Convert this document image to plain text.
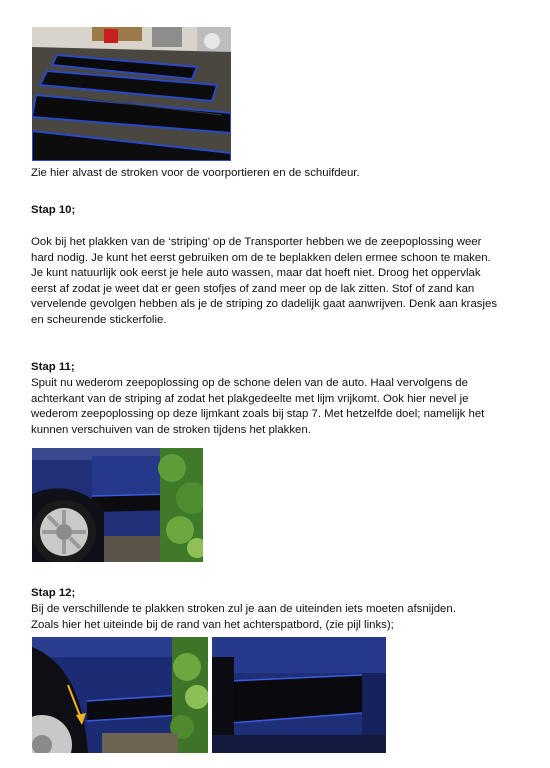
Zie hier alvast de stroken voor de voorportieren en de schuifdeur.
Stap 10;
Ook bij het plakken van de ‘striping’ op de Transporter hebben we de zeepoplossing weer
hard nodig. Je kunt het eerst gebruiken om de te beplakken delen ermee schoon te maken.
Je kunt natuurlijk ook eerst je hele auto wassen, maar dat hoeft niet. Droog het oppervlak
eerst af zodat je weet dat er geen stofjes of zand meer op de lak zitten. Stof of zand kan
vervelende gevolgen hebben als je de striping zo dadelijk gaat aanwrijven. Denk aan krasjes
en scheurende stickerfolie.
Stap 11;
Spuit nu wederom zeepoplossing op de schone delen van de auto. Haal vervolgens de
achterkant van de striping af zodat het plakgedeelte met lijm vrijkomt. Ook hier nevel je
wederom zeepoplossing op deze lijmkant zoals bij stap 7. Met hetzelfde doel; namelijk het
kunnen verschuiven van de stroken tijdens het plakken.
Stap 12;
Bij de verschillende te plakken stroken zul je aan de uiteinden iets moeten afsnijden.
Zoals hier het uiteinde bij de rand van het achterspatbord, (zie pijl links);
